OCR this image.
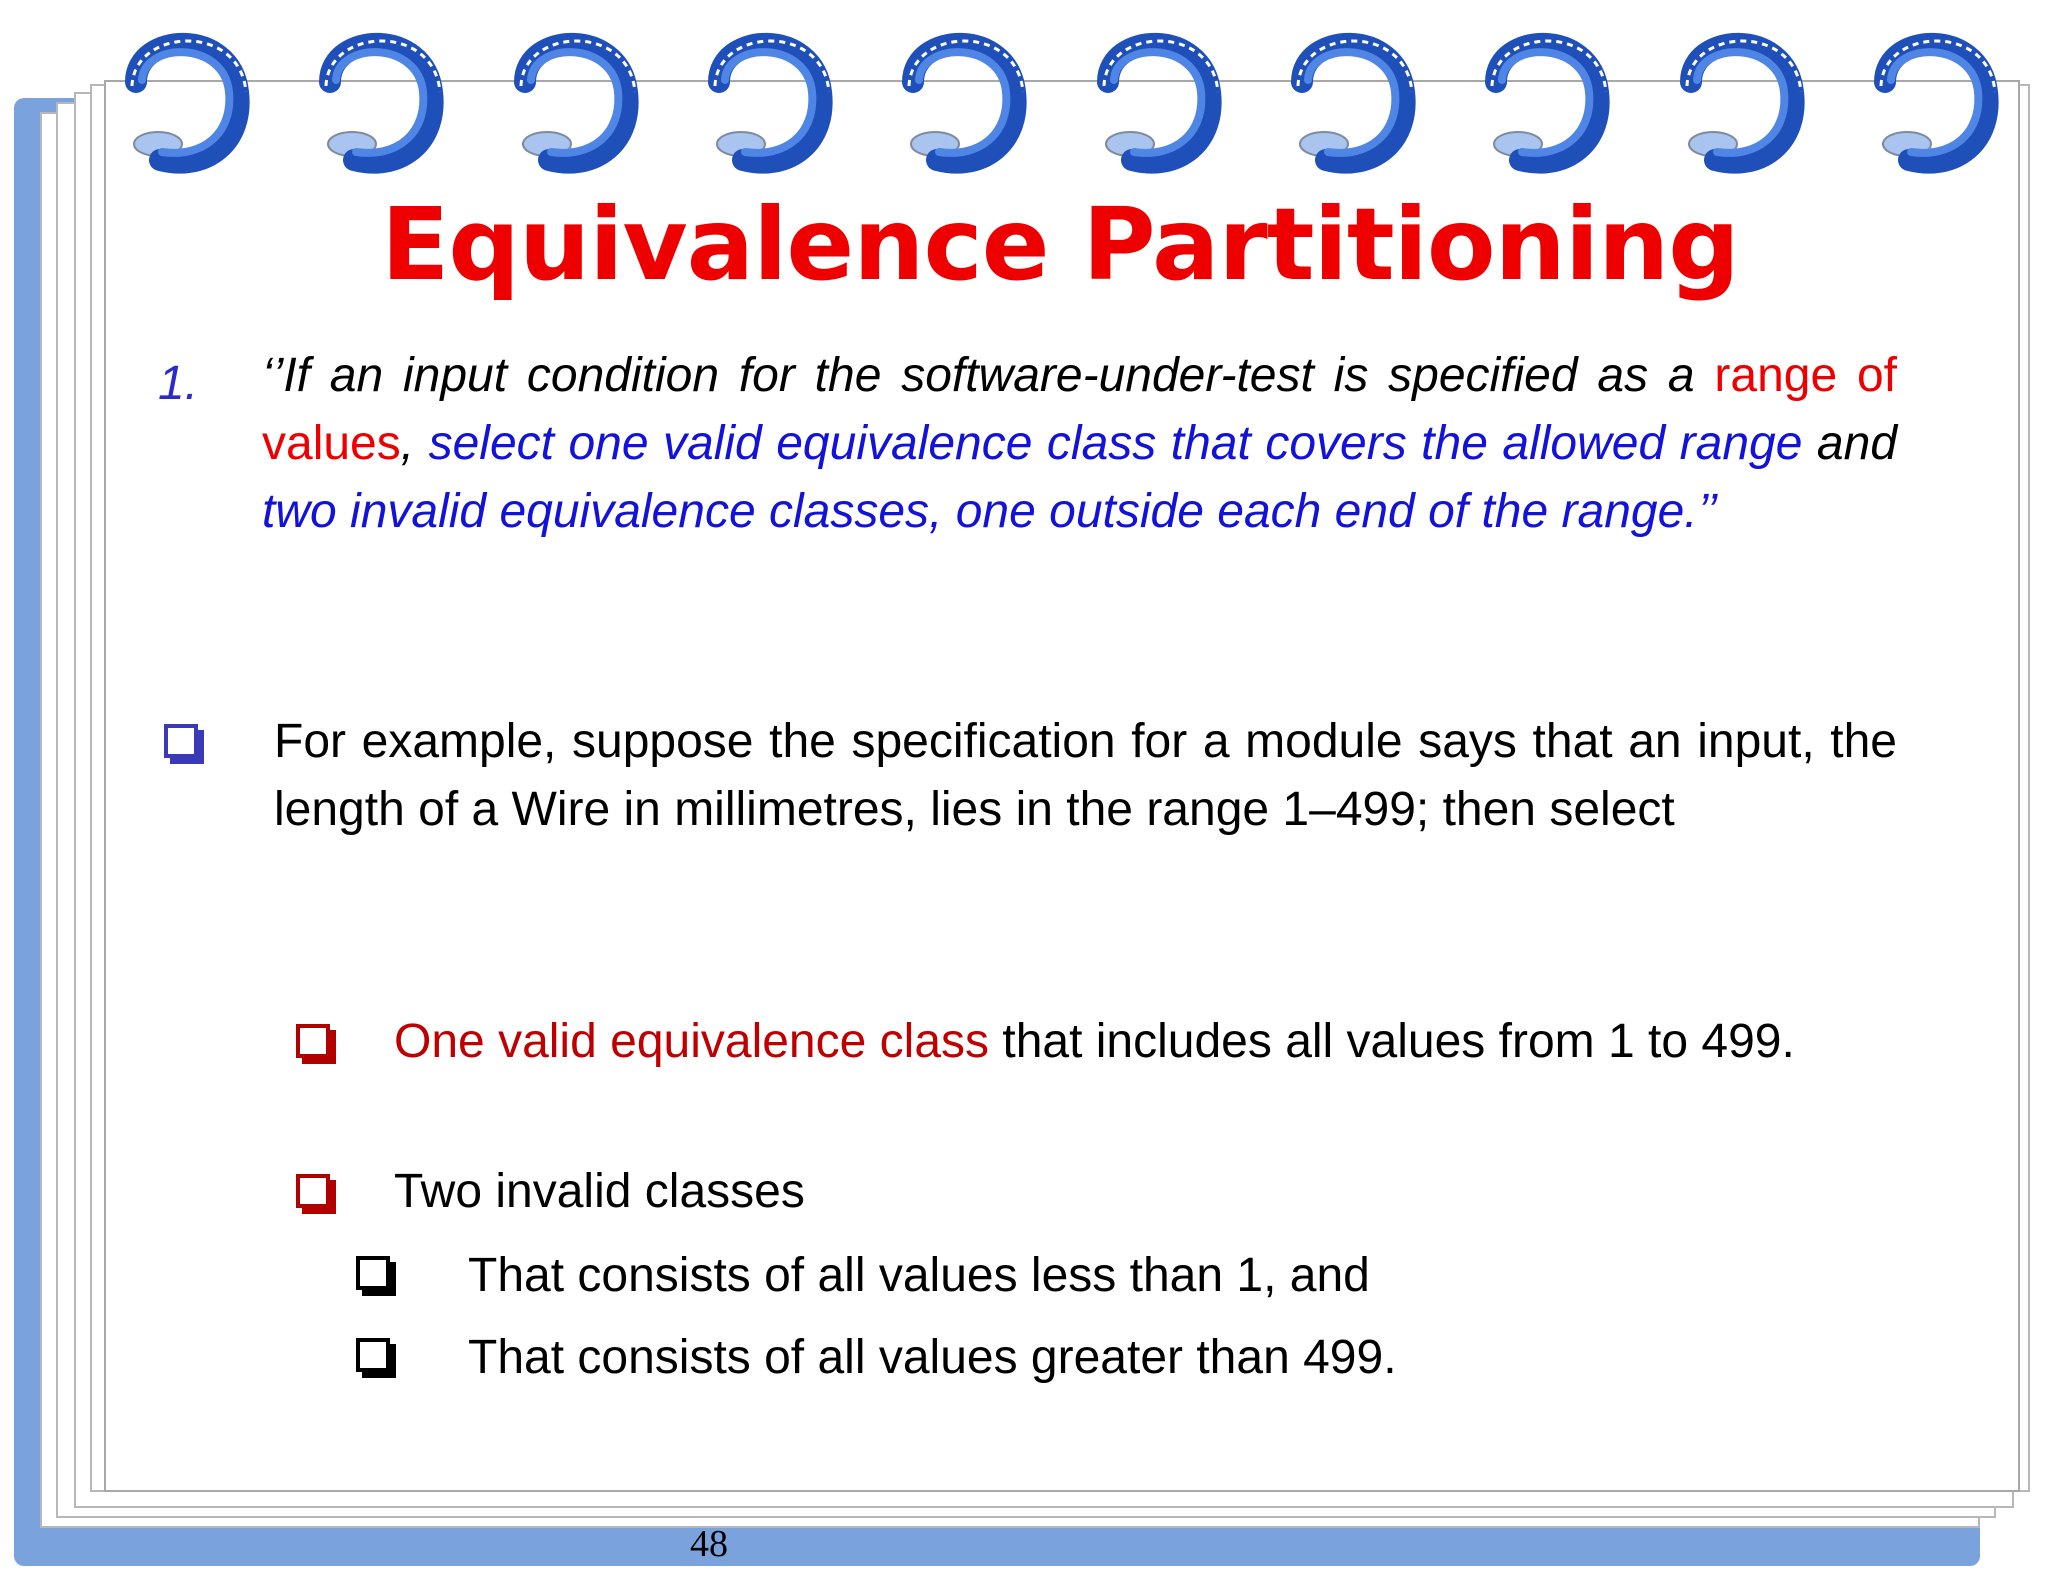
Equivalence Partitioning
1. ‘’If an input condition for the software-under-test is specified as a range of values, select one valid equivalence class that covers the allowed range and two invalid equivalence classes, one outside each end of the range.’’
For example, suppose the specification for a module says that an input, the length of a Wire in millimetres, lies in the range 1–499; then select
One valid equivalence class that includes all values from 1 to 499.
Two invalid classes
That consists of all values less than 1, and
That consists of all values greater than 499.
48
